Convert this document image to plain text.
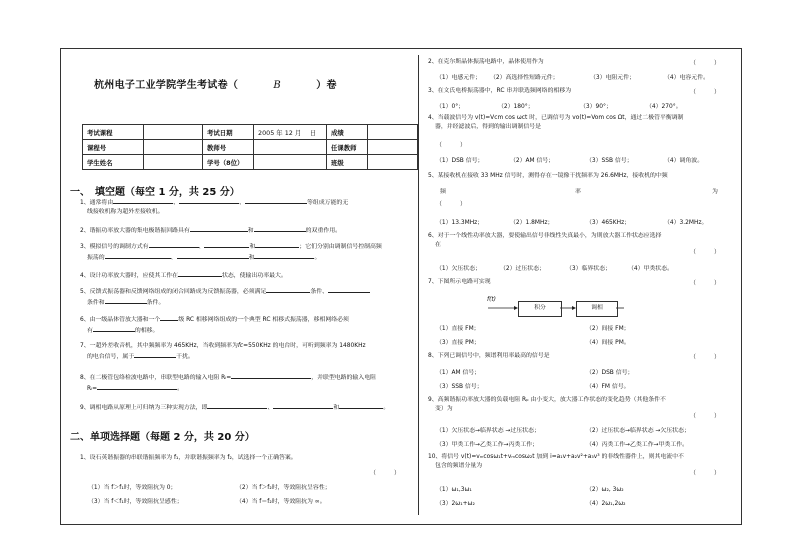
杭州电子工业学院学生考试卷（	B	）卷
考试课程		考试日期	2005 年 12 月　 日	成绩	
课程号		教师号		任课教师	
学生姓名		学号（8位）		班级	
一、　填空题（每空 1 分，共 25 分）
1、通常将由	、	、	等组成万能的无
线接收机称为超外差接收机。
2、谐振功率放大器的集电极谐振回路具有	和	的双重作用。
3、模拟信号的调制方式有	、	和	；它们分别由调制信号控制高频
振荡的	、	和	。
4、设计功率放大器时，应使其工作在	状态，使输出功率最大。
5、反馈式振荡器和反馈网络组成的闭合回路成为反馈振荡器，必须满足	条件、
条件和	条件。
6、由一级晶体管放大器和一个	级 RC 相移网络组成的一个典型 RC 相移式振荡器，移相网络必须
有	的相移。
7、一超外差收音机，其中频频率为 465KHz，当收到频率为fc=550KHz 的电台时，可听到频率为 1480KHz
的电台信号，属于	干扰。
8、在二极管包络检波电路中，串联型电路的输入电阻 Rᵢ=	，并联型电路的输入电阻
Rᵢ=	。
9、调相电路从原理上可归纳为三种实现方法，即	、	和	。
二、单项选择题（每题 2 分，共 20 分）
1、设石英谐振器的串联谐振频率为 f₁，并联谐振频率为 f₂，试选择一个正确答案。
（　　　）
（1）当 f＞f₁时，等效阻抗为 0；	（2）当 f＞f₂时，等效阻抗呈容性；
（3）当 f＜f₁时，等效阻抗呈感性；	（4）当 f＝f₂时，等效阻抗为 ∞。
2、在克尔斯晶体振荡电路中，晶体使用作为	（　　　）
（1）电感元件； （2）高选择性短路元件；	（3）电阻元件；	（4）电容元件。
3、在文氏电桥振荡器中，RC 串并联选频网络的相移为	（　　　）
（1）0°；	（2）180°；	（3）90°；	（4）270°。
4、当载波信号为 v(t)=Vcm cos ωct 时，已调信号为 vo(t)=Vom cos Ωt，通过二极管平衡调制
器，并经滤波后，得到的输出调制信号是
（　　　）
（1）DSB 信号；	（2）AM 信号；	（3）SSB 信号；	（4）调角波。
5、某接收机在接收 33 MHz 信号时，测得存在一镜像干扰频率为 26.6MHz，接收机的中频
频	率	为
（　　　）
（1）13.3MHz；	（2）1.8MHz；	（3）465KHz；	（4）3.2MHz。
6、对于一个线性功率放大器，要使输出信号非线性失真最小，为則放大器工作状态应选择
在
（　　　）
（1）欠压状态；	（2）过压状态；	（3）临界状态；	（4）甲类状态。
7、下图所示电路可实现	（　　　）
f(t)
积分	调相
（1）直接 FM；	（2）间接 FM；
（3）直接 PM；	（4）间接 PM。
8、下列已调信号中，频谱利用率最高的信号是	（　　　）
（1）AM 信号；	（2）DSB 信号；
（3）SSB 信号；	（4）FM 信号。
9、高频谐振功率放大器的负载电阻 Rₚ 由小变大，放大器工作状态的变化趋势（其他条件不
变）为
（　　　）
（1）欠压状态→临界状态 →过压状态；	（2）过压状态→临界状态 →欠压状态；
（3）甲类工作→乙类工作→丙类工作；	（4）丙类工作→乙类工作→甲类工作。
10、将信号 v(t)=vₘcosω₁t+vₘcosω₂t 加到 i=a₁v+a₂v²+a₃v³ 的非线性器件上，则其电流中不
包含的频谱分量为
（　　　）
（1）ω₁,3ω₁	（2）ω₂, 3ω₂
（3）2ω₁+ω₂	（4）2ω₁,2ω₂
